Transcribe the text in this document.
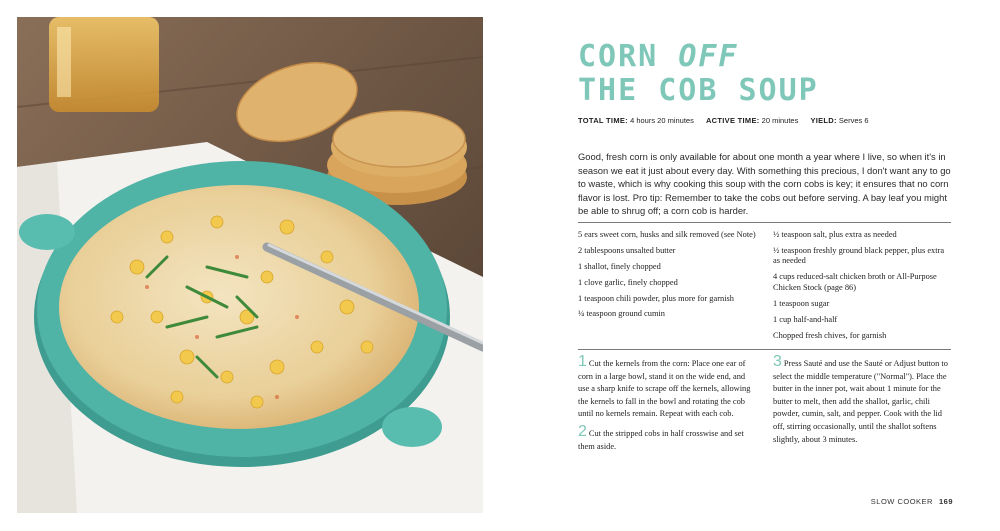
CORN OFF
THE COB SOUP
TOTAL TIME: 4 hours 20 minutes ACTIVE TIME: 20 minutes YIELD: Serves 6

Good, fresh corn is only available for about one month a year where I live, so when it's in season we eat it just about every day. With something this precious, I don't want any to go to waste, which is why cooking this soup with the corn cobs is key; it ensures that no corn flavor is lost. Pro tip: Remember to take the cobs out before serving. A bay leaf you might be able to shrug off; a corn cob is harder.

5 ears sweet corn, husks and silk removed (see Note)
2 tablespoons unsalted butter
1 shallot, finely chopped
1 clove garlic, finely chopped
1 teaspoon chili powder, plus more for garnish
¼ teaspoon ground cumin
½ teaspoon salt, plus extra as needed
½ teaspoon freshly ground black pepper, plus extra as needed
4 cups reduced-salt chicken broth or All-Purpose Chicken Stock (page 86)
1 teaspoon sugar
1 cup half-and-half
Chopped fresh chives, for garnish

1 Cut the kernels from the corn: Place one ear of corn in a large bowl, stand it on the wide end, and use a sharp knife to scrape off the kernels, allowing the kernels to fall in the bowl and rotating the cob until no kernels remain. Repeat with each cob.

2 Cut the stripped cobs in half crosswise and set them aside.

3 Press Sauté and use the Sauté or Adjust button to select the middle temperature ("Normal"). Place the butter in the inner pot, wait about 1 minute for the butter to melt, then add the shallot, garlic, chili powder, cumin, salt, and pepper. Cook with the lid off, stirring occasionally, until the shallot softens slightly, about 3 minutes.

SLOW COOKER 169
